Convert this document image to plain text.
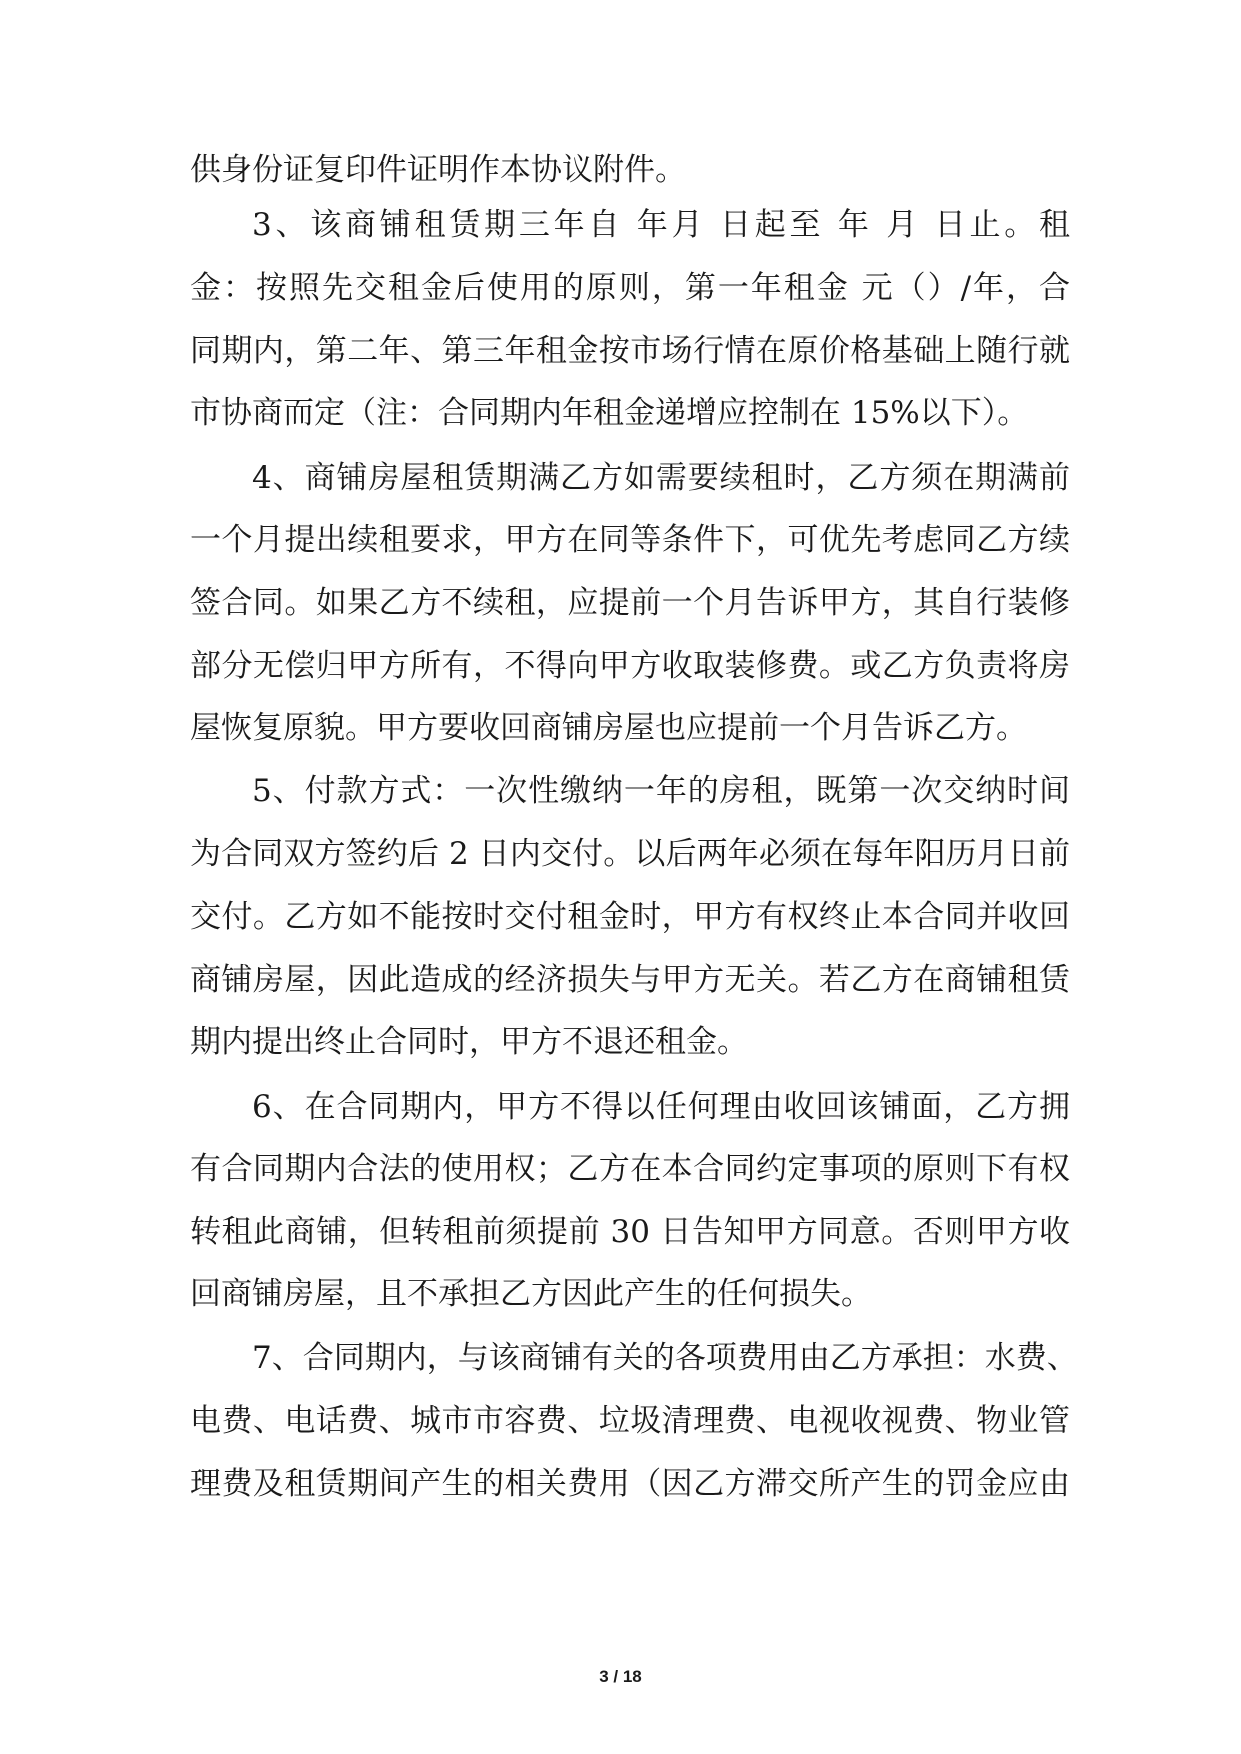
供身份证复印件证明作本协议附件。
3、该商铺租赁期三年自 年月 日起至 年 月 日止。租
金：按照先交租金后使用的原则，第一年租金 元（）/年，合
同期内，第二年、第三年租金按市场行情在原价格基础上随行就
市协商而定（注：合同期内年租金递增应控制在 15%以下）。
4、商铺房屋租赁期满乙方如需要续租时，乙方须在期满前
一个月提出续租要求，甲方在同等条件下，可优先考虑同乙方续
签合同。如果乙方不续租，应提前一个月告诉甲方，其自行装修
部分无偿归甲方所有，不得向甲方收取装修费。或乙方负责将房
屋恢复原貌。甲方要收回商铺房屋也应提前一个月告诉乙方。
5、付款方式：一次性缴纳一年的房租，既第一次交纳时间
为合同双方签约后 2 日内交付。以后两年必须在每年阳历月日前
交付。乙方如不能按时交付租金时，甲方有权终止本合同并收回
商铺房屋，因此造成的经济损失与甲方无关。若乙方在商铺租赁
期内提出终止合同时，甲方不退还租金。
6、在合同期内，甲方不得以任何理由收回该铺面，乙方拥
有合同期内合法的使用权；乙方在本合同约定事项的原则下有权
转租此商铺，但转租前须提前 30 日告知甲方同意。否则甲方收
回商铺房屋，且不承担乙方因此产生的任何损失。
7、合同期内，与该商铺有关的各项费用由乙方承担：水费、
电费、电话费、城市市容费、垃圾清理费、电视收视费、物业管
理费及租赁期间产生的相关费用（因乙方滞交所产生的罚金应由
3 / 18
